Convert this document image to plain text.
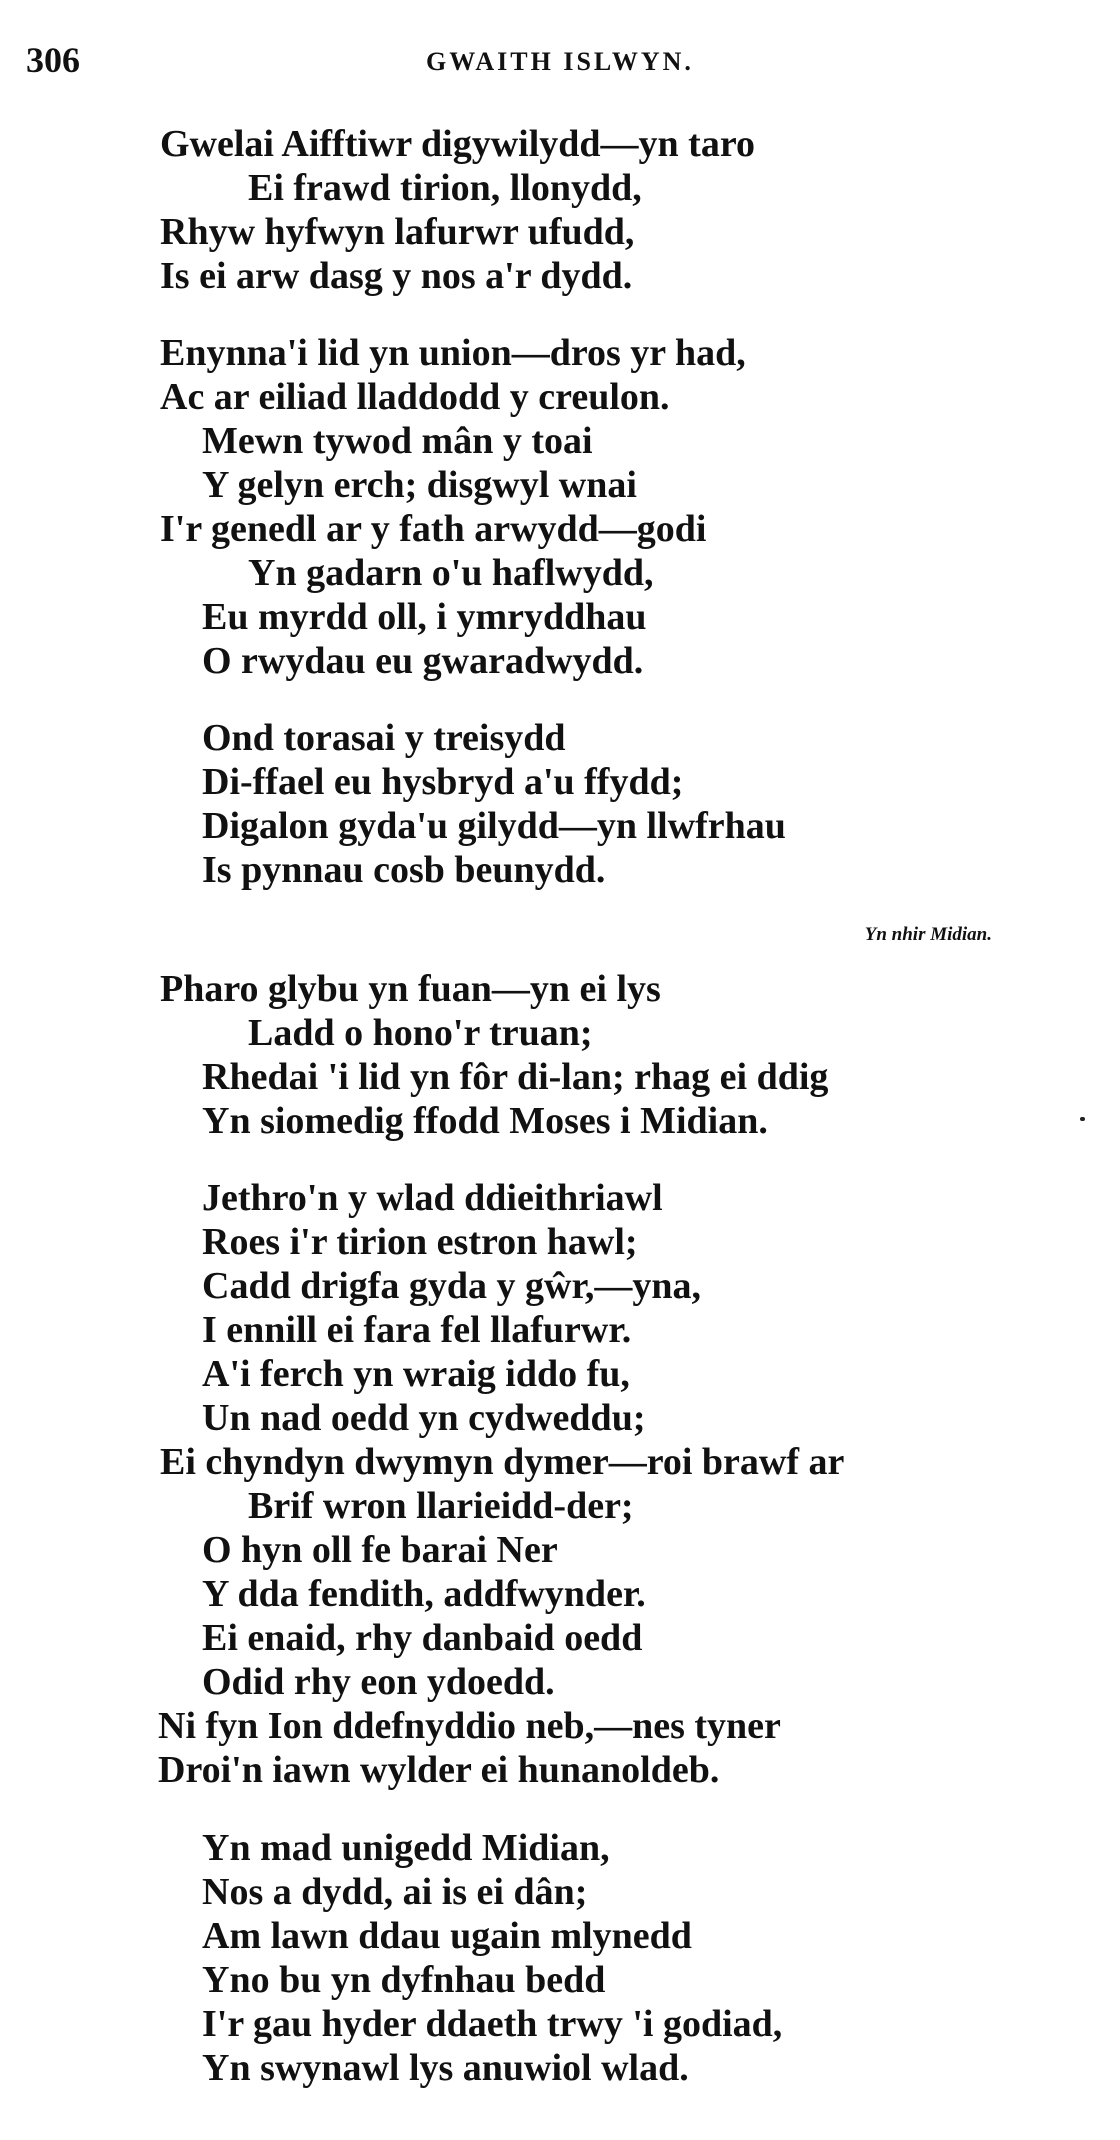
306	GWAITH ISLWYN.
Gwelai Aifftiwr digywilydd—yn taro
Ei frawd tirion, llonydd,
Rhyw hyfwyn lafurwr ufudd,
Is ei arw dasg y nos a'r dydd.
Enynna'i lid yn union—dros yr had,
Ac ar eiliad lladdodd y creulon.
Mewn tywod mân y toai
Y gelyn erch; disgwyl wnai
I'r genedl ar y fath arwydd—godi
Yn gadarn o'u haflwydd,
Eu myrdd oll, i ymryddhau
O rwydau eu gwaradwydd.
Ond torasai y treisydd
Di-ffael eu hysbryd a'u ffydd;
Digalon gyda'u gilydd—yn llwfrhau
Is pynnau cosb beunydd.
Yn nhir Midian.
Pharo glybu yn fuan—yn ei lys
Ladd o hono'r truan;
Rhedai 'i lid yn fôr di-lan; rhag ei ddig
Yn siomedig ffodd Moses i Midian.
Jethro'n y wlad ddieithriawl
Roes i'r tirion estron hawl;
Cadd drigfa gyda y gŵr,—yna,
I ennill ei fara fel llafurwr.
A'i ferch yn wraig iddo fu,
Un nad oedd yn cydweddu;
Ei chyndyn dwymyn dymer—roi brawf ar
Brif wron llarieidd-der;
O hyn oll fe barai Ner
Y dda fendith, addfwynder.
Ei enaid, rhy danbaid oedd
Odid rhy eon ydoedd.
Ni fyn Ion ddefnyddio neb,—nes tyner
Droi'n iawn wylder ei hunanoldeb.
Yn mad unigedd Midian,
Nos a dydd, ai is ei dân;
Am lawn ddau ugain mlynedd
Yno bu yn dyfnhau bedd
I'r gau hyder ddaeth trwy 'i godiad,
Yn swynawl lys anuwiol wlad.
